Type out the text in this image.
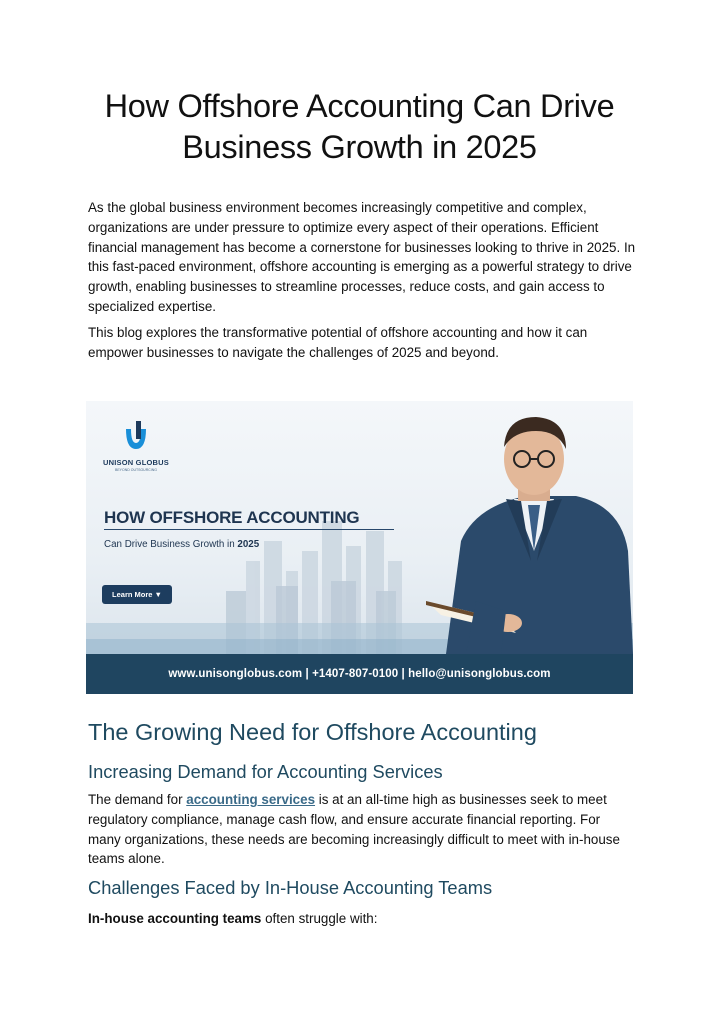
How Offshore Accounting Can Drive Business Growth in 2025

As the global business environment becomes increasingly competitive and complex, organizations are under pressure to optimize every aspect of their operations. Efficient financial management has become a cornerstone for businesses looking to thrive in 2025. In this fast-paced environment, offshore accounting is emerging as a powerful strategy to drive growth, enabling businesses to streamline processes, reduce costs, and gain access to specialized expertise.

This blog explores the transformative potential of offshore accounting and how it can empower businesses to navigate the challenges of 2025 and beyond.

UNISON GLOBUS
BEYOND OUTSOURCING
HOW OFFSHORE ACCOUNTING
Can Drive Business Growth in 2025
Learn More ▼
www.unisonglobus.com | +1407-807-0100 | hello@unisonglobus.com
The Growing Need for Offshore Accounting
Increasing Demand for Accounting Services

The demand for accounting services is at an all-time high as businesses seek to meet regulatory compliance, manage cash flow, and ensure accurate financial reporting. For many organizations, these needs are becoming increasingly difficult to meet with in-house teams alone.

Challenges Faced by In-House Accounting Teams

In-house accounting teams often struggle with:
